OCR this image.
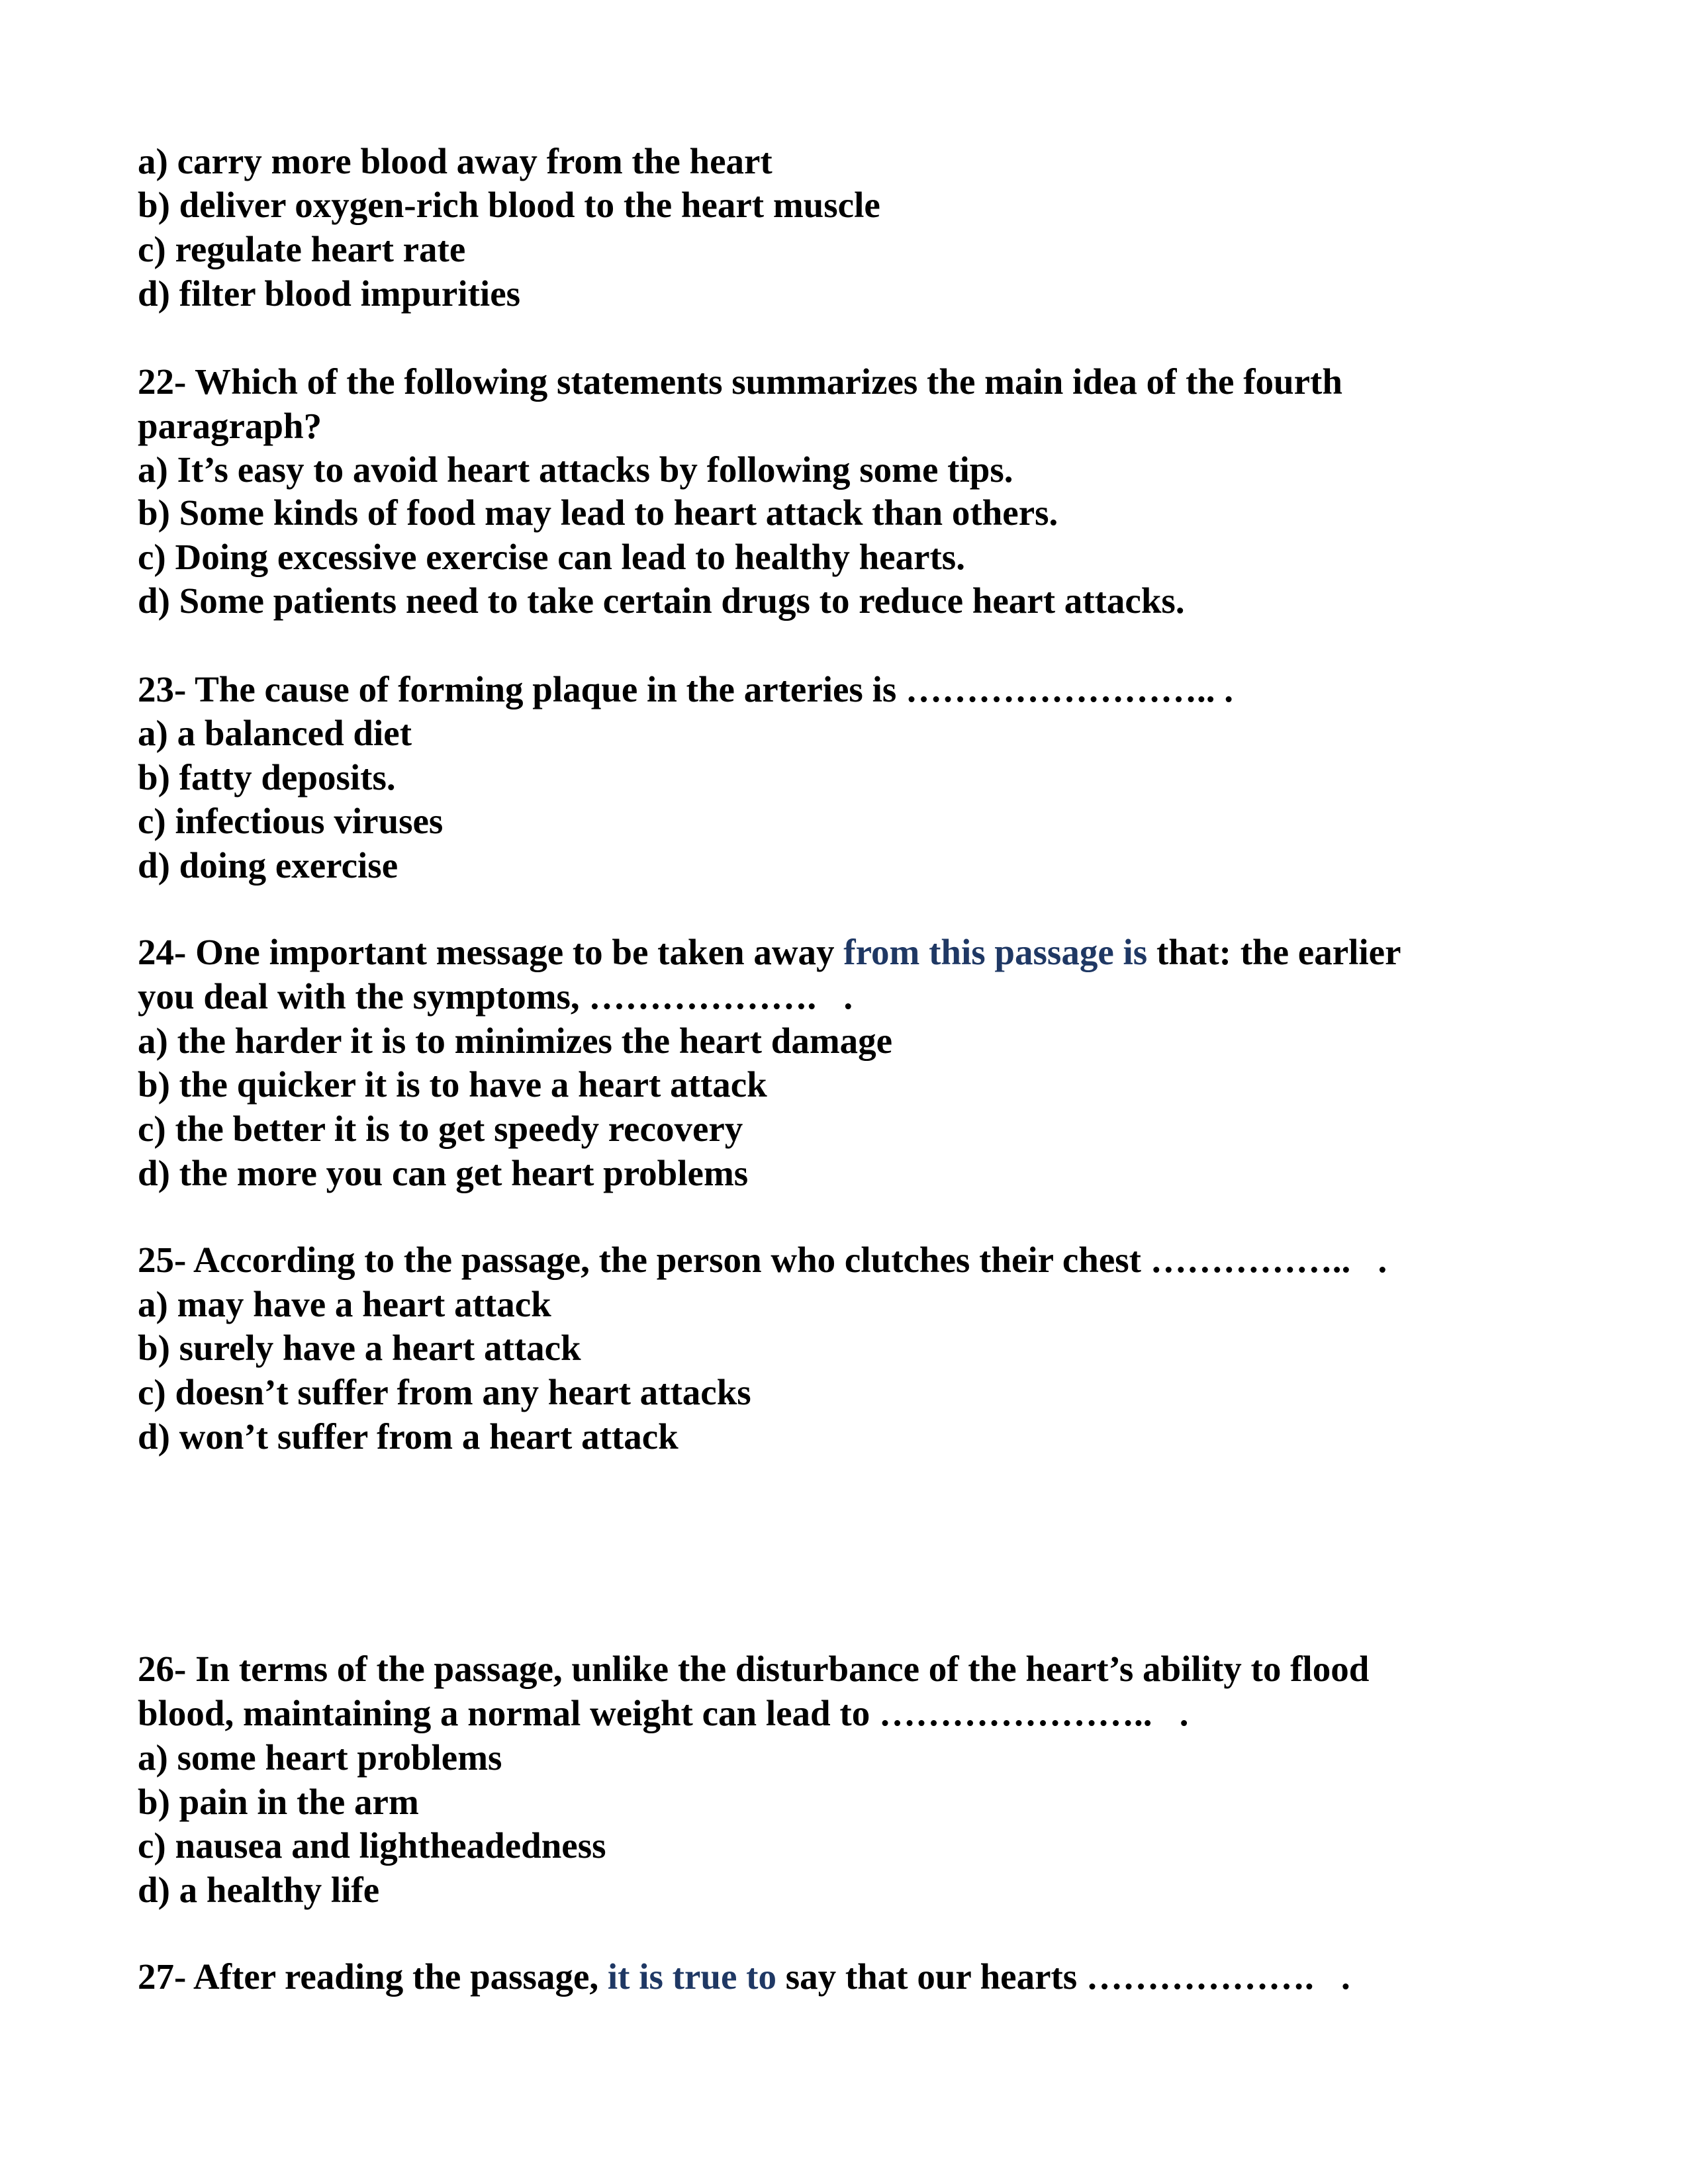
a) carry more blood away from the heart
b) deliver oxygen-rich blood to the heart muscle
c) regulate heart rate
d) filter blood impurities
22- Which of the following statements summarizes the main idea of the fourth
paragraph?
a) It’s easy to avoid heart attacks by following some tips.
b) Some kinds of food may lead to heart attack than others.
c) Doing excessive exercise can lead to healthy hearts.
d) Some patients need to take certain drugs to reduce heart attacks.
23- The cause of forming plaque in the arteries is …………………….. .
a) a balanced diet
b) fatty deposits.
c) infectious viruses
d) doing exercise
24- One important message to be taken away from this passage is that: the earlier
you deal with the symptoms, ……………….   .
a) the harder it is to minimizes the heart damage
b) the quicker it is to have a heart attack
c) the better it is to get speedy recovery
d) the more you can get heart problems
25- According to the passage, the person who clutches their chest ……………..   .
a) may have a heart attack
b) surely have a heart attack
c) doesn’t suffer from any heart attacks
d) won’t suffer from a heart attack
26- In terms of the passage, unlike the disturbance of the heart’s ability to flood
blood, maintaining a normal weight can lead to …………………..   .
a) some heart problems
b) pain in the arm
c) nausea and lightheadedness
d) a healthy life
27- After reading the passage, it is true to say that our hearts ……………….   .
